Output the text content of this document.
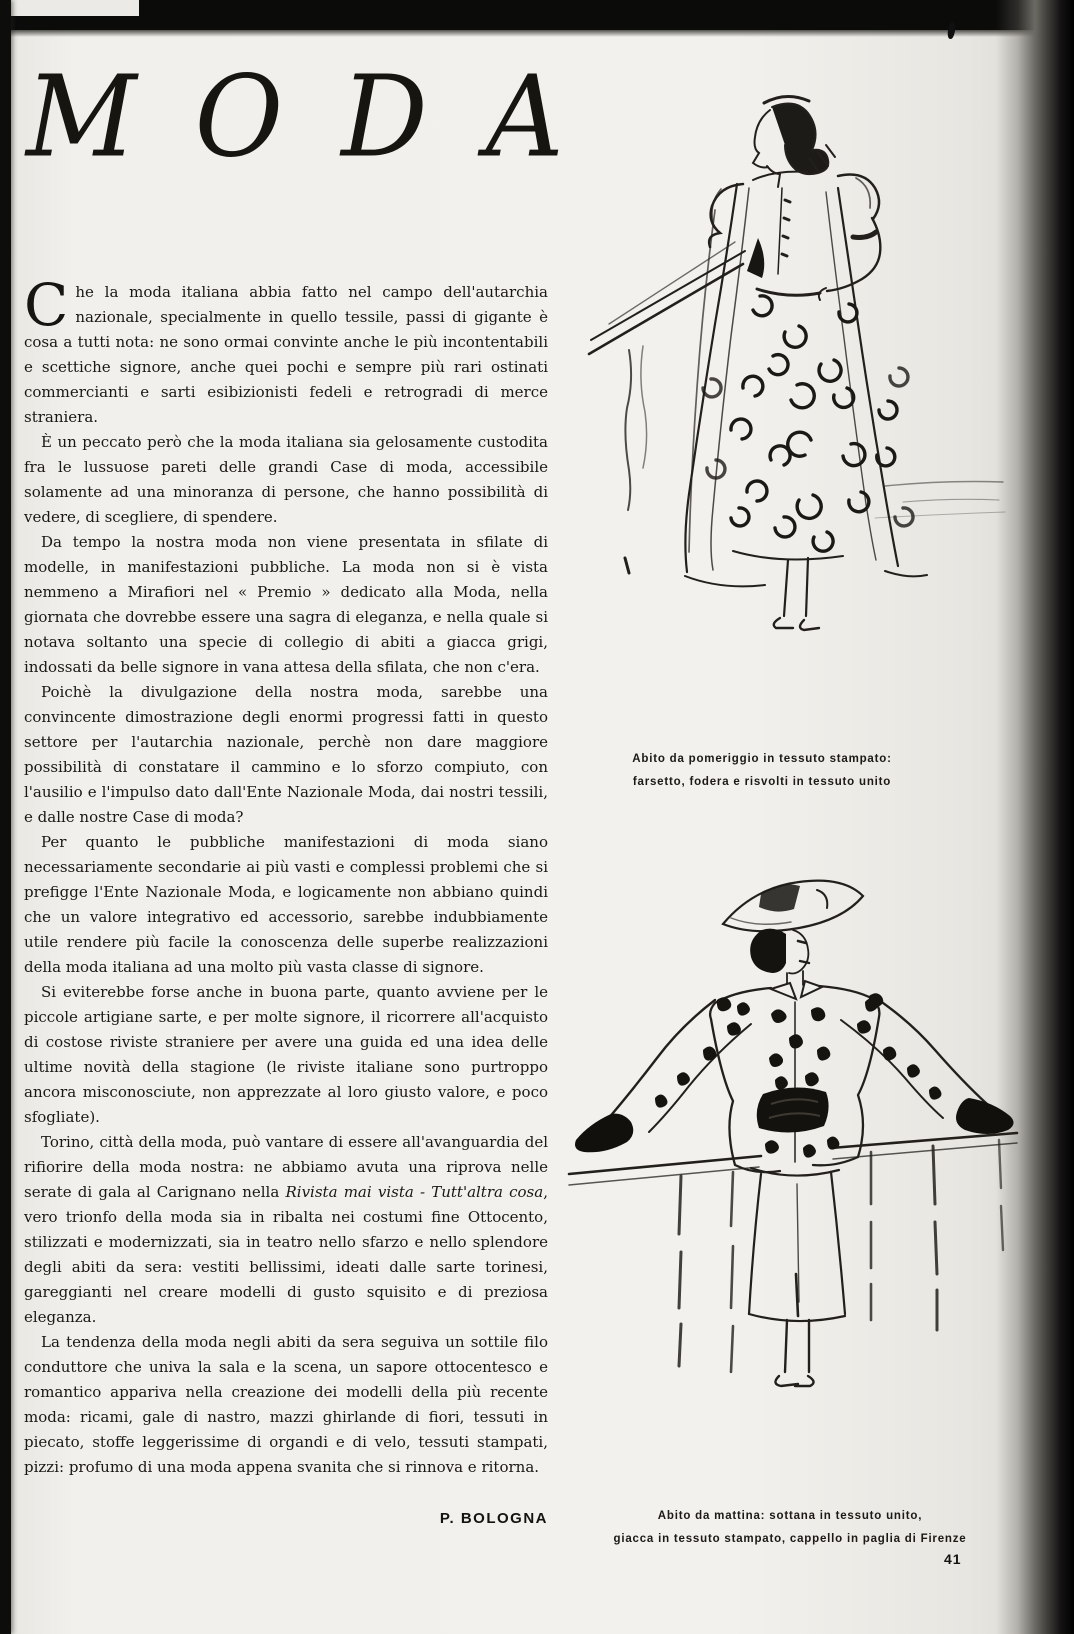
MODA

Che la moda italiana abbia fatto nel campo dell'autarchia nazionale, specialmente in quello tessile, passi di gigante è cosa a tutti nota: ne sono ormai convinte anche le più incontentabili e scettiche signore, anche quei pochi e sempre più rari ostinati commercianti e sarti esibizionisti fedeli e retrogradi di merce straniera.

È un peccato però che la moda italiana sia gelosamente custodita fra le lussuose pareti delle grandi Case di moda, accessibile solamente ad una minoranza di persone, che hanno possibilità di vedere, di scegliere, di spendere.

Da tempo la nostra moda non viene presentata in sfilate di modelle, in manifestazioni pubbliche. La moda non si è vista nemmeno a Mirafiori nel « Premio » dedicato alla Moda, nella giornata che dovrebbe essere una sagra di eleganza, e nella quale si notava soltanto una specie di collegio di abiti a giacca grigi, indossati da belle signore in vana attesa della sfilata, che non c'era.

Poichè la divulgazione della nostra moda, sarebbe una convincente dimostrazione degli enormi progressi fatti in questo settore per l'autarchia nazionale, perchè non dare maggiore possibilità di constatare il cammino e lo sforzo compiuto, con l'ausilio e l'impulso dato dall'Ente Nazionale Moda, dai nostri tessili, e dalle nostre Case di moda?

Per quanto le pubbliche manifestazioni di moda siano necessariamente secondarie ai più vasti e complessi problemi che si prefigge l'Ente Nazionale Moda, e logicamente non abbiano quindi che un valore integrativo ed accessorio, sarebbe indubbiamente utile rendere più facile la conoscenza delle superbe realizzazioni della moda italiana ad una molto più vasta classe di signore.

Si eviterebbe forse anche in buona parte, quanto avviene per le piccole artigiane sarte, e per molte signore, il ricorrere all'acquisto di costose riviste straniere per avere una guida ed una idea delle ultime novità della stagione (le riviste italiane sono purtroppo ancora misconosciute, non apprezzate al loro giusto valore, e poco sfogliate).

Torino, città della moda, può vantare di essere all'avanguardia del rifiorire della moda nostra: ne abbiamo avuta una riprova nelle serate di gala al Carignano nella Rivista mai vista - Tutt'altra cosa, vero trionfo della moda sia in ribalta nei costumi fine Ottocento, stilizzati e modernizzati, sia in teatro nello sfarzo e nello splendore degli abiti da sera: vestiti bellissimi, ideati dalle sarte torinesi, gareggianti nel creare modelli di gusto squisito e di preziosa eleganza.

La tendenza della moda negli abiti da sera seguiva un sottile filo conduttore che univa la sala e la scena, un sapore ottocentesco e romantico appariva nella creazione dei modelli della più recente moda: ricami, gale di nastro, mazzi ghirlande di fiori, tessuti in piecato, stoffe leggerissime di organdi e di velo, tessuti stampati, pizzi: profumo di una moda appena svanita che si rinnova e ritorna.

P. BOLOGNA
Abito da pomeriggio in tessuto stampato:
farsetto, fodera e risvolti in tessuto unito
Abito da mattina: sottana in tessuto unito,
giacca in tessuto stampato, cappello in paglia di Firenze
41
